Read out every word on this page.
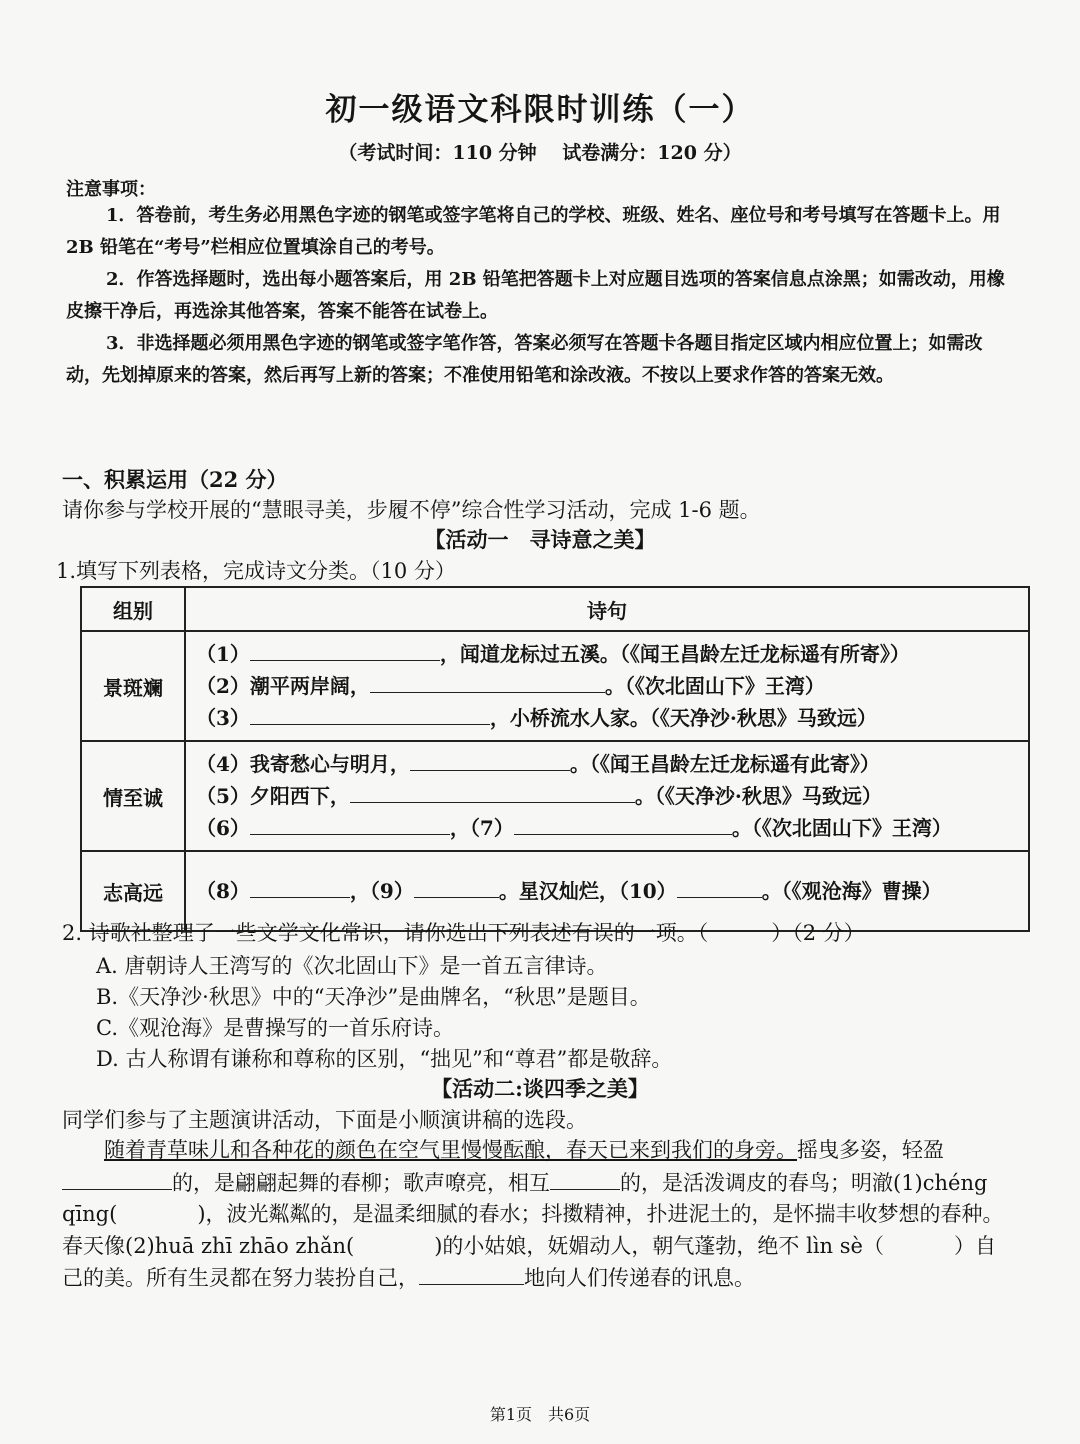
初一级语文科限时训练（一）
（考试时间：110 分钟　 试卷满分：120 分）
注意事项：

1．答卷前，考生务必用黑色字迹的钢笔或签字笔将自己的学校、班级、姓名、座位号和考号填写在答题卡上。用 2B 铅笔在“考号”栏相应位置填涂自己的考号。

2．作答选择题时，选出每小题答案后，用 2B 铅笔把答题卡上对应题目选项的答案信息点涂黑；如需改动，用橡皮擦干净后，再选涂其他答案，答案不能答在试卷上。

3．非选择题必须用黑色字迹的钢笔或签字笔作答，答案必须写在答题卡各题目指定区域内相应位置上；如需改动，先划掉原来的答案，然后再写上新的答案；不准使用铅笔和涂改液。不按以上要求作答的答案无效。

一、积累运用（22 分）
请你参与学校开展的“慧眼寻美，步履不停”综合性学习活动，完成 1-6 题。
【活动一　寻诗意之美】
1.填写下列表格，完成诗文分类。（10 分）
组别	诗句
景斑斓	（1） ，闻道龙标过五溪。（《闻王昌龄左迁龙标遥有所寄》）
（2）潮平两岸阔， 。（《次北固山下》王湾）
（3） ，小桥流水人家。（《天净沙·秋思》马致远）

情至诚	（4）我寄愁心与明月， 。（《闻王昌龄左迁龙标遥有此寄》）
（5）夕阳西下， 。（《天净沙·秋思》马致远）
（6） ，（7） 。（《次北固山下》王湾）

志高远	（8） ，（9） 。星汉灿烂，（10） 。（《观沧海》曹操）
2. 诗歌社整理了一些文学文化常识，请你选出下列表述有误的一项。（　　　）（2 分）
A. 唐朝诗人王湾写的《次北固山下》是一首五言律诗。
B.《天净沙·秋思》中的“天净沙”是曲牌名，“秋思”是题目。
C.《观沧海》是曹操写的一首乐府诗。
D. 古人称谓有谦称和尊称的区别，“拙见”和“尊君”都是敬辞。
【活动二:谈四季之美】
同学们参与了主题演讲活动，下面是小顺演讲稿的选段。

随着青草味儿和各种花的颜色在空气里慢慢酝酿，春天已来到我们的身旁。摇曳多姿，轻盈的，是翩翩起舞的春柳；歌声嘹亮，相互	的，是活泼调皮的春鸟；明澈(1)chéng qīng(	)，波光粼粼的，是温柔细腻的春水；抖擞精神，扑进泥土的，是怀揣丰收梦想的春种。春天像(2)huā zhī zhāo zhǎn(	)的小姑娘，妩媚动人，朝气蓬勃，绝不 lìn sè（	）自己的美。所有生灵都在努力装扮自己，	地向人们传递春的讯息。

第1页　共6页
